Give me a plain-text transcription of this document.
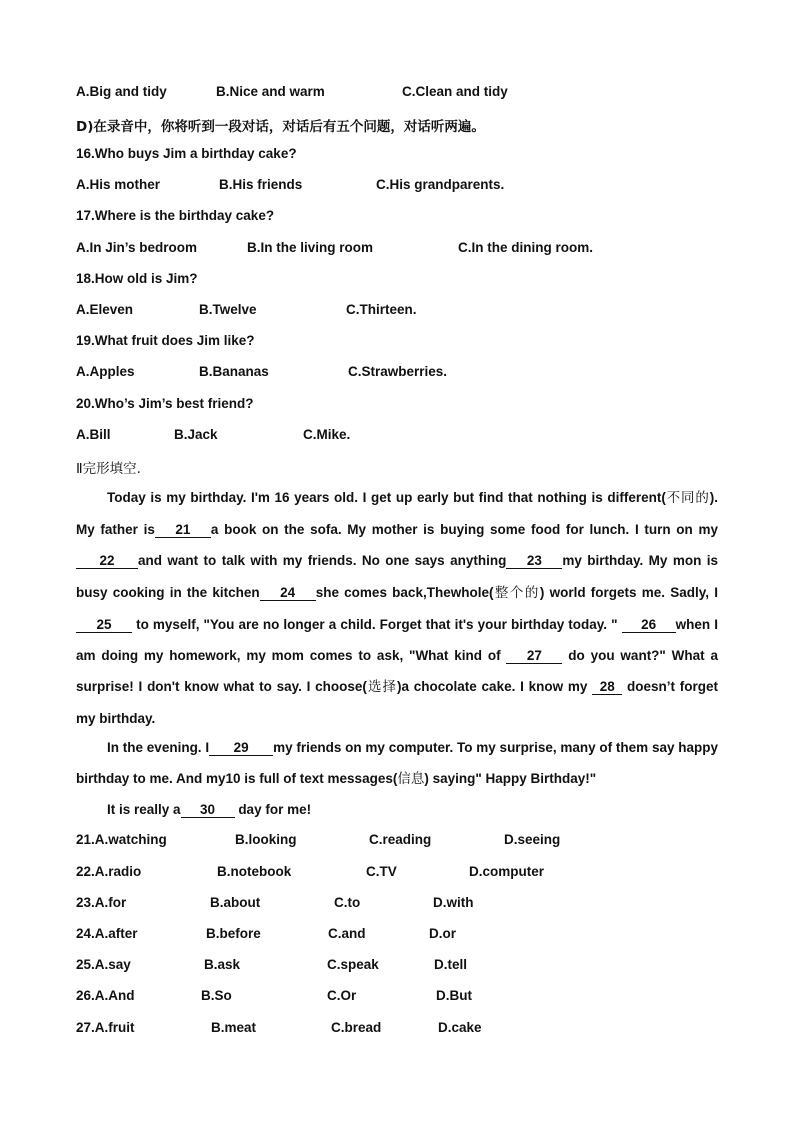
A.Big and tidy	B.Nice and warm	C.Clean and tidy
D)在录音中，你将听到一段对话，对话后有五个问题，对话听两遍。
16.Who buys Jim a birthday cake?
A.His mother	B.His friends	C.His grandparents.
17.Where is the birthday cake?
A.In Jin’s bedroom	B.In the living room	C.In the dining room.
18.How old is Jim?
A.Eleven	B.Twelve	C.Thirteen.
19.What fruit does Jim like?
A.Apples	B.Bananas	C.Strawberries.
20.Who’s Jim’s best friend?
A.Bill	B.Jack	C.Mike.
Ⅱ完形填空.
Today is my birthday. I'm 16 years old. I get up early but find that nothing is different(不同的). My father is 21 a book on the sofa. My mother is buying some food for lunch. I turn on my22 and want to talk with my friends. No one says anything 23 my birthday. My mon is busy cooking in the kitchen 24 she comes back,Thewhole(整个的) world forgets me. Sadly, I 25 to myself, "You are no longer a child. Forget that it's your birthday today. " 26 when I am doing my homework, my mom comes to ask, "What kind of 27 do you want?" What a surprise! I don't know what to say. I choose(选择)a chocolate cake. I know my 28 doesn’t forget my birthday.
In the evening. I 29 my friends on my computer. To my surprise, many of them say happy birthday to me. And my10 is full of text messages(信息) saying" Happy Birthday!"
It is really a 30 day for me!
21.A.watching	B.looking	C.reading	D.seeing
22.A.radio	B.notebook	C.TV	D.computer
23.A.for	B.about	C.to	D.with
24.A.after	B.before	C.and	D.or
25.A.say	B.ask	C.speak	D.tell
26.A.And	B.So	C.Or	D.But
27.A.fruit	B.meat	C.bread	D.cake
